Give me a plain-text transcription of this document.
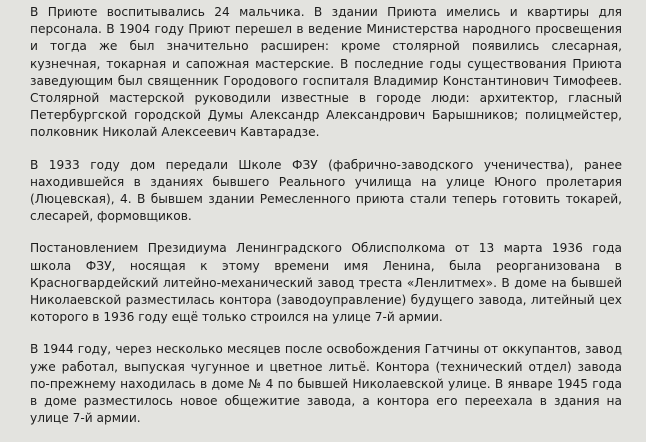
В Приюте воспитывались 24 мальчика. В здании Приюта имелись и квартиры для персонала. В 1904 году Приют перешел в ведение Министерства народного просвещения и тогда же был значительно расширен: кроме столярной появились слесарная, кузнечная, токарная и сапожная мастерские. В последние годы существования Приюта заведующим был священник Городового госпиталя Владимир Константинович Тимофеев. Столярной мастерской руководили известные в городе люди: архитектор, гласный Петербургской городской Думы Александр Александрович Барышников; полицмейстер, полковник Николай Алексеевич Кавтарадзе.

В 1933 году дом передали Школе ФЗУ (фабрично-заводского ученичества), ранее находившейся в зданиях бывшего Реального училища на улице Юного пролетария (Люцевская), 4. В бывшем здании Ремесленного приюта стали теперь готовить токарей, слесарей, формовщиков.

Постановлением Президиума Ленинградского Облисполкома от 13 марта 1936 года школа ФЗУ, носящая к этому времени имя Ленина, была реорганизована в Красногвардейский литейно-механический завод треста «Ленлитмех». В доме на бывшей Николаевской разместилась контора (заводоуправление) будущего завода, литейный цех которого в 1936 году ещё только строился на улице 7-й армии.

В 1944 году, через несколько месяцев после освобождения Гатчины от оккупантов, завод уже работал, выпуская чугунное и цветное литьё. Контора (технический отдел) завода по-прежнему находилась в доме № 4 по бывшей Николаевской улице. В январе 1945 года в доме разместилось новое общежитие завода, а контора его переехала в здания на улице 7-й армии.
